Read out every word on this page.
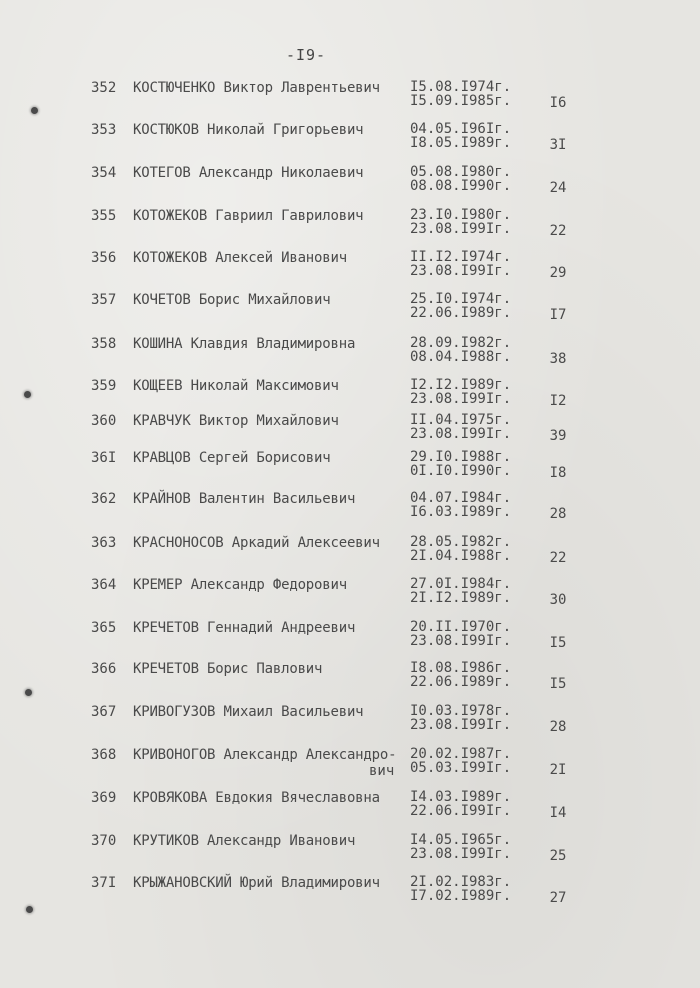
-I9-
352	КОСТЮЧЕНКО Виктор Лаврентьевич I5.08.I974г.
I5.09.I985г.	I6
353	КОСТЮКОВ Николай Григорьевич	04.05.I96Iг.
I8.05.I989г.	3I
354	КОТЕГОВ Александр Николаевич	05.08.I980г.
08.08.I990г.	24
355	КОТОЖЕКОВ Гавриил Гаврилович	23.I0.I980г.
23.08.I99Iг.	22
356	КОТОЖЕКОВ Алексей Иванович	II.I2.I974г.
23.08.I99Iг.	29
357	КОЧЕТОВ Борис Михайлович	25.I0.I974г.
22.06.I989г.	I7
358	КОШИНА Клавдия Владимировна	28.09.I982г.
08.04.I988г.	38
359	КОЩЕЕВ Николай Максимович	I2.I2.I989г.
23.08.I99Iг.	I2
360	КРАВЧУК Виктор Михайлович	II.04.I975г.
23.08.I99Iг.	39
36I	КРАВЦОВ Сергей Борисович	29.I0.I988г.
0I.I0.I990г.	I8
362	КРАЙНОВ Валентин Васильевич	04.07.I984г.
I6.03.I989г.	28
363	КРАСНОНОСОВ Аркадий Алексеевич 28.05.I982г.
2I.04.I988г.	22
364	КРЕМЕР Александр Федорович	27.0I.I984г.
2I.I2.I989г.	30
365	КРЕЧЕТОВ Геннадий Андреевич	20.II.I970г.
23.08.I99Iг.	I5
366	КРЕЧЕТОВ Борис Павлович	I8.08.I986г.
22.06.I989г.	I5
367	КРИВОГУЗОВ Михаил Васильевич	I0.03.I978г.
23.08.I99Iг.	28
368	КРИВОНОГОВ Александр Александро-
вич
20.02.I987г.
05.03.I99Iг.	2I
369	КРОВЯКОВА Евдокия Вячеславовна I4.03.I989г.
22.06.I99Iг.	I4
370	КРУТИКОВ Александр Иванович	I4.05.I965г.
23.08.I99Iг.	25
37I	КРЫЖАНОВСКИЙ Юрий Владимирович 2I.02.I983г.
I7.02.I989г.	27
